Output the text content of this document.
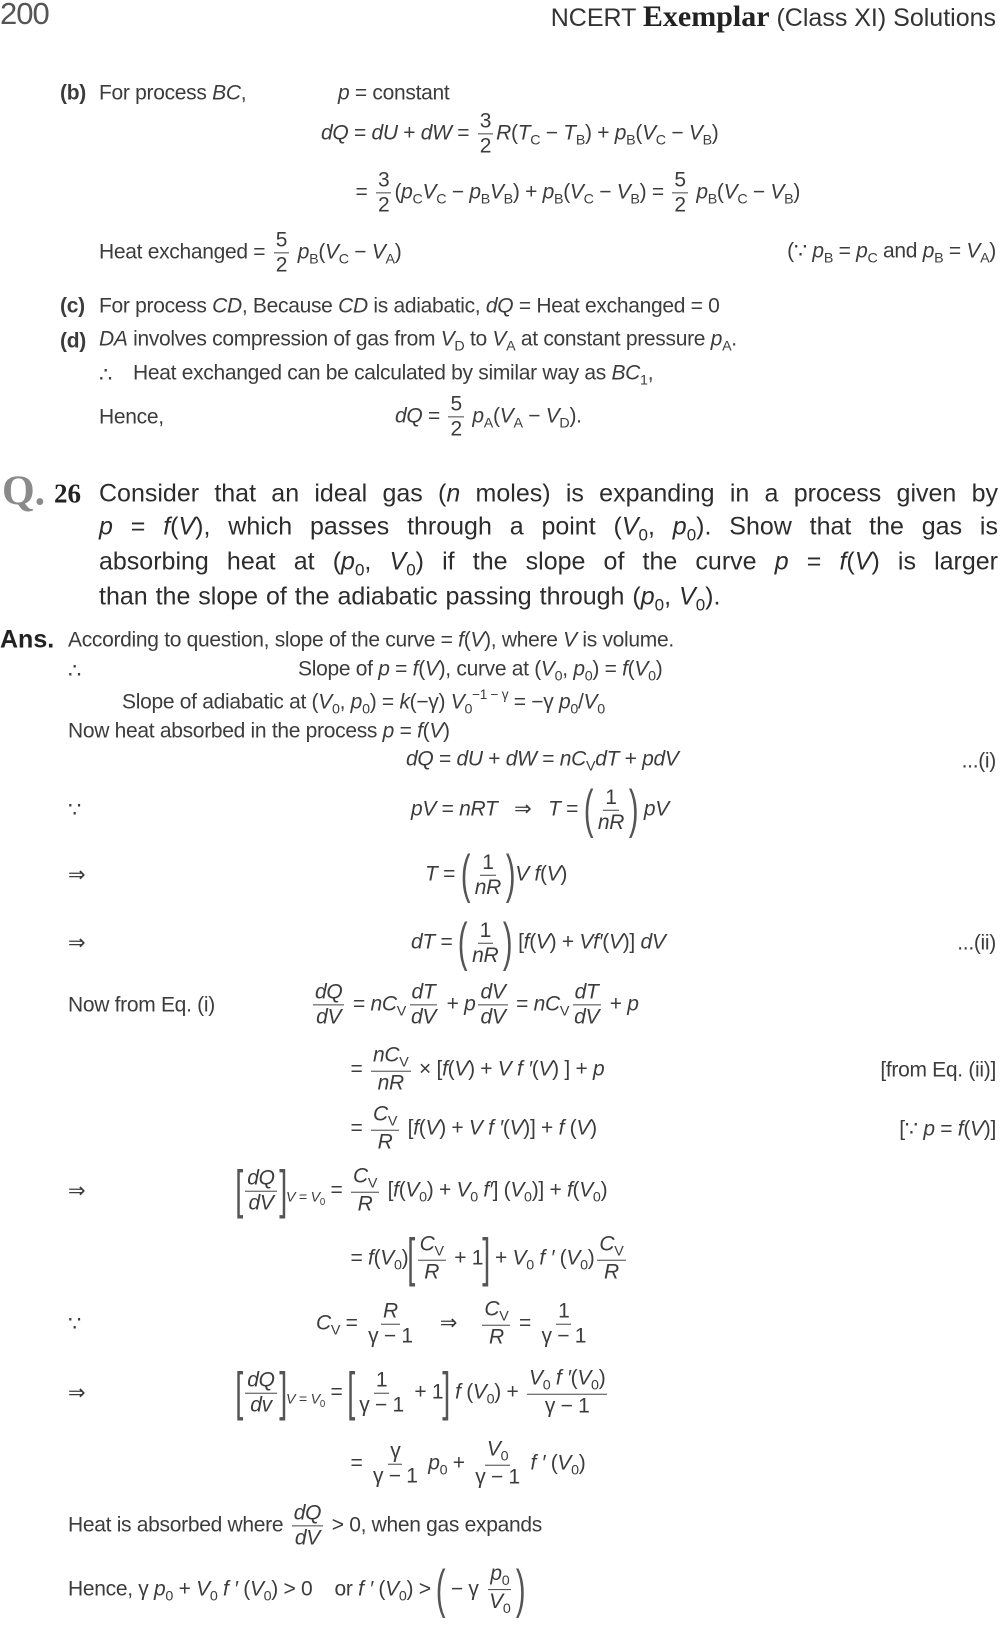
200	NCERT Exemplar (Class XI) Solutions
(b) For process BC,	p = constant
dQ = dU + dW = $\frac{3}{2} R(T_C - T_B) + p_B(V_C - V_B)$
= $\frac{3}{2} (p_CV_C - p_BV_B) + p_B(V_C - V_B) = \frac{5}{2} p_B(V_C - V_B)$
Heat exchanged = $\frac{5}{2} p_B(V_C - V_A)$	(∵ $p_B = p_C$ and $p_B = V_A$)
(c) For process CD, Because CD is adiabatic, dQ = Heat exchanged = 0
(d) DA involves compression of gas from $V_D$ to $V_A$ at constant pressure $p_A$.
∴ Heat exchanged can be calculated by similar way as $BC_1$,
Hence,	dQ = $\frac{5}{2} p_A(V_A - V_D)$.
Q. 26 Consider that an ideal gas (n moles) is expanding in a process given by
p = f(V), which passes through a point ($V_0$, $p_0$). Show that the gas is
absorbing heat at ($p_0$, $V_0$) if the slope of the curve p = f(V) is larger
than the slope of the adiabatic passing through ($p_0$, $V_0$).
Ans. According to question, slope of the curve = f(V), where V is volume.
∴	Slope of p = f(V), curve at ($V_0$, $p_0) = f(V_0)$
Slope of adiabatic at ($V_0$, $p_0) = k(-\gamma)$ $V_0^{-1 - \gamma} = -\gamma$ $p_0/V_0$
Now heat absorbed in the process p = f(V)
dQ = dU + dW = $nC_VdT$ + pdV	...(i)
∵	pV = nRT   ⇒   T = ( $\frac{1}{nR}$ ) pV
⇒	T = ( $\frac{1}{nR} )V$ f(V)
⇒	dT = ( $\frac{1}{nR}$ ) [f(V) + Vf′(V)] dV	...(ii)
Now from Eq. (i)	$\frac{dQ}{dV} = nC_V \frac{dT}{dV} + p \frac{dV}{dV} = nC_V \frac{dT}{dV} + p$
= $\frac{nC_V}{nR} \times [f(V) + V$ f ′(V) ] + p	[from Eq. (ii)]
= $\frac{C_V}{R} [f(V) + V$ f ′(V)] + f (V)	[∵ p = f(V)]
⇒	[ $\frac{dQ}{dV} ]_{V = V_0} = \frac{C_V}{R} [f(V_0) + V_0$ f′] $(V_0)] + f(V_0)$
= $f(V_0)[ \frac{C_V}{R} + 1] + V_0$ f ′ $(V_0) \frac{C_V}{R}$
∵	$C_V = \frac{R}{\gamma - 1}$ ⇒ $\frac{C_V}{R} = \frac{1}{\gamma - 1}$
⇒	[ $\frac{dQ}{dv} ]_{V = V_0}$ = [ $\frac{1}{\gamma - 1} + 1$] f $(V_0) + \frac{V_0 f '(V_0)}{\gamma - 1}$
= $\frac{\gamma}{\gamma - 1} p_0 + \frac{V_0}{\gamma - 1}$ f ′ $(V_0)$
Heat is absorbed where $\frac{dQ}{dV} > 0$, when gas expands
Hence, γ $p_0 + V_0$ f ′ $(V_0) > 0$    or f ′ $(V_0)$ > ( − γ $\frac{p_0}{V_0}$ )
